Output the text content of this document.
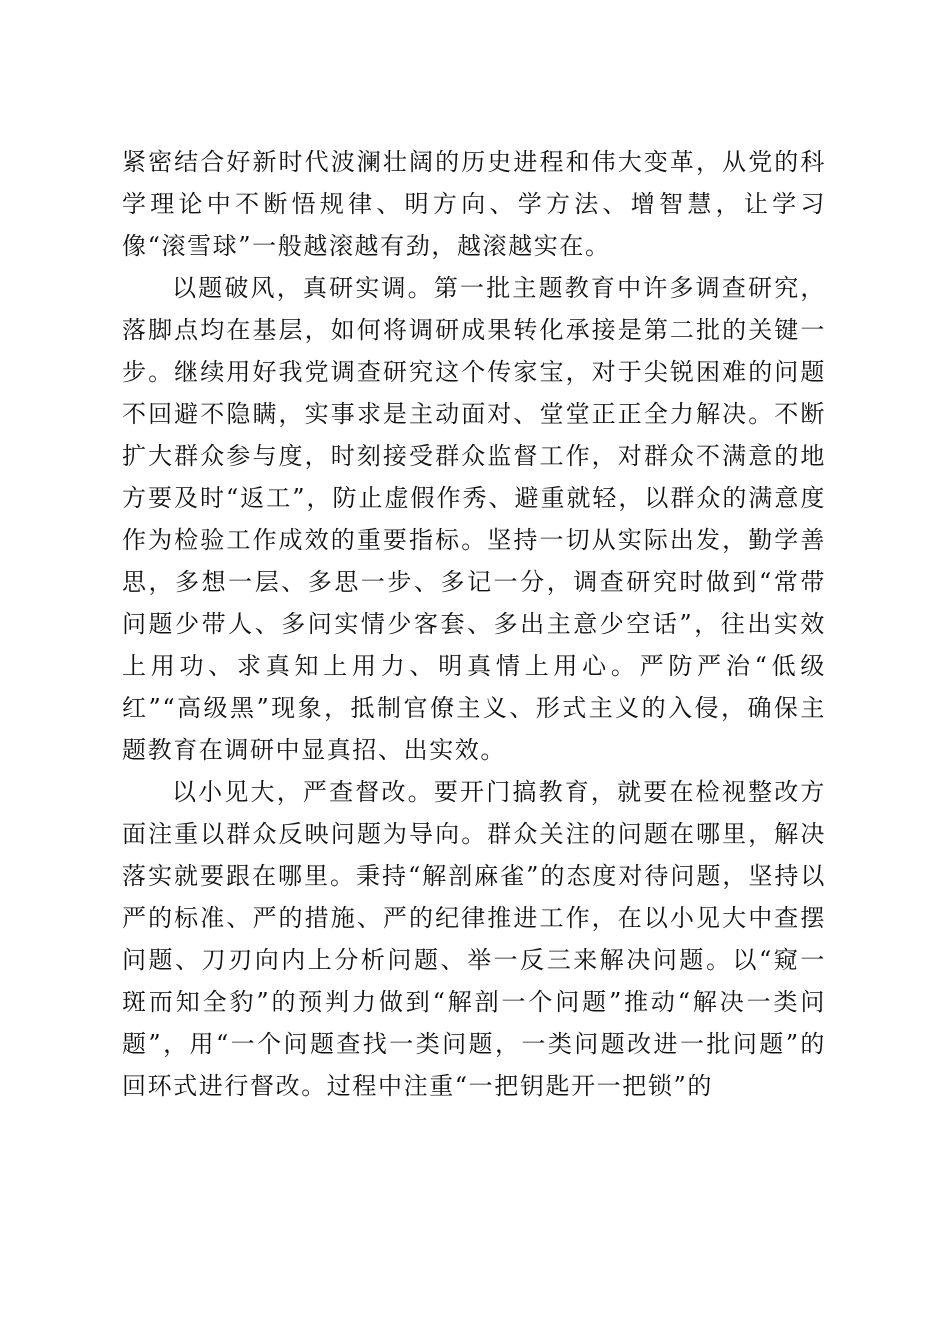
紧密结合好新时代波澜壮阔的历史进程和伟大变革，从党的科学理论中不断悟规律、明方向、学方法、增智慧，让学习像“滚雪球”一般越滚越有劲，越滚越实在。

以题破风，真研实调。第一批主题教育中许多调查研究，落脚点均在基层，如何将调研成果转化承接是第二批的关键一步。继续用好我党调查研究这个传家宝，对于尖锐困难的问题不回避不隐瞒，实事求是主动面对、堂堂正正全力解决。不断扩大群众参与度，时刻接受群众监督工作，对群众不满意的地方要及时“返工”，防止虚假作秀、避重就轻，以群众的满意度作为检验工作成效的重要指标。坚持一切从实际出发，勤学善思，多想一层、多思一步、多记一分，调查研究时做到“常带问题少带人、多问实情少客套、多出主意少空话”，往出实效上用功、求真知上用力、明真情上用心。严防严治“低级红”“高级黑”现象，抵制官僚主义、形式主义的入侵，确保主题教育在调研中显真招、出实效。

以小见大，严查督改。要开门搞教育，就要在检视整改方面注重以群众反映问题为导向。群众关注的问题在哪里，解决落实就要跟在哪里。秉持“解剖麻雀”的态度对待问题，坚持以严的标准、严的措施、严的纪律推进工作，在以小见大中查摆问题、刀刃向内上分析问题、举一反三来解决问题。以“窥一斑而知全豹”的预判力做到“解剖一个问题”推动“解决一类问题”，用“一个问题查找一类问题，一类问题改进一批问题”的回环式进行督改。过程中注重“一把钥匙开一把锁”的
